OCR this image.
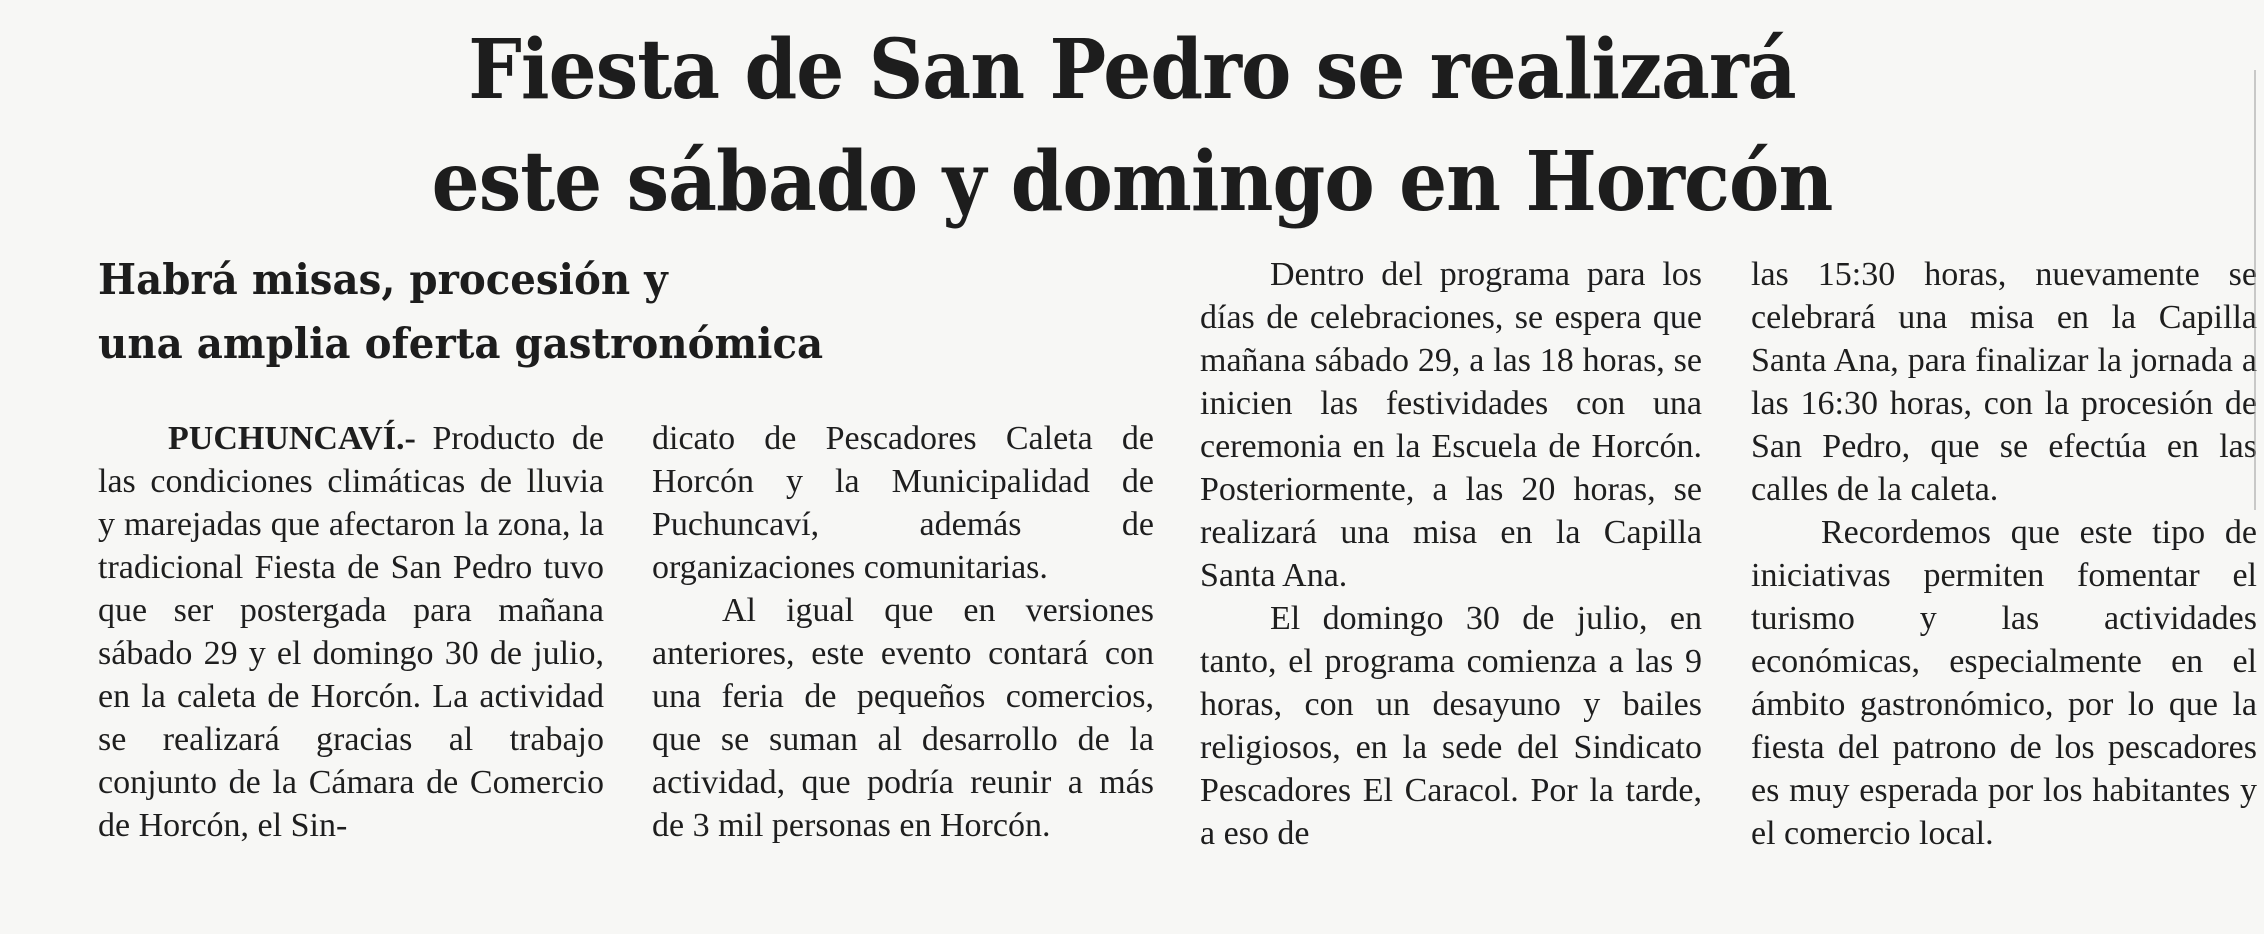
Fiesta de San Pedro se realizará
este sábado y domingo en Horcón
Habrá misas, procesión y
una amplia oferta gastronómica

PUCHUNCAVÍ.- Producto de las condiciones climáticas de lluvia y marejadas que afectaron la zona, la tradicional Fiesta de San Pedro tuvo que ser postergada para mañana sábado 29 y el domingo 30 de julio, en la caleta de Horcón. La actividad se realizará gracias al trabajo conjunto de la Cámara de Comercio de Horcón, el Sin-

dicato de Pescadores Caleta de Horcón y la Municipalidad de Puchuncaví, además de organizaciones comunitarias.

Al igual que en versiones anteriores, este evento contará con una feria de pequeños comercios, que se suman al desarrollo de la actividad, que podría reunir a más de 3 mil personas en Horcón.

Dentro del programa para los días de celebraciones, se espera que mañana sábado 29, a las 18 horas, se inicien las festividades con una ceremonia en la Escuela de Horcón. Posteriormente, a las 20 horas, se realizará una misa en la Capilla Santa Ana.

El domingo 30 de julio, en tanto, el programa comienza a las 9 horas, con un desayuno y bailes religiosos, en la sede del Sindicato Pescadores El Caracol. Por la tarde, a eso de

las 15:30 horas, nuevamente se celebrará una misa en la Capilla Santa Ana, para finalizar la jornada a las 16:30 horas, con la procesión de San Pedro, que se efectúa en las calles de la caleta.

Recordemos que este tipo de iniciativas permiten fomentar el turismo y las actividades económicas, especialmente en el ámbito gastronómico, por lo que la fiesta del patrono de los pescadores es muy esperada por los habitantes y el comercio local.
